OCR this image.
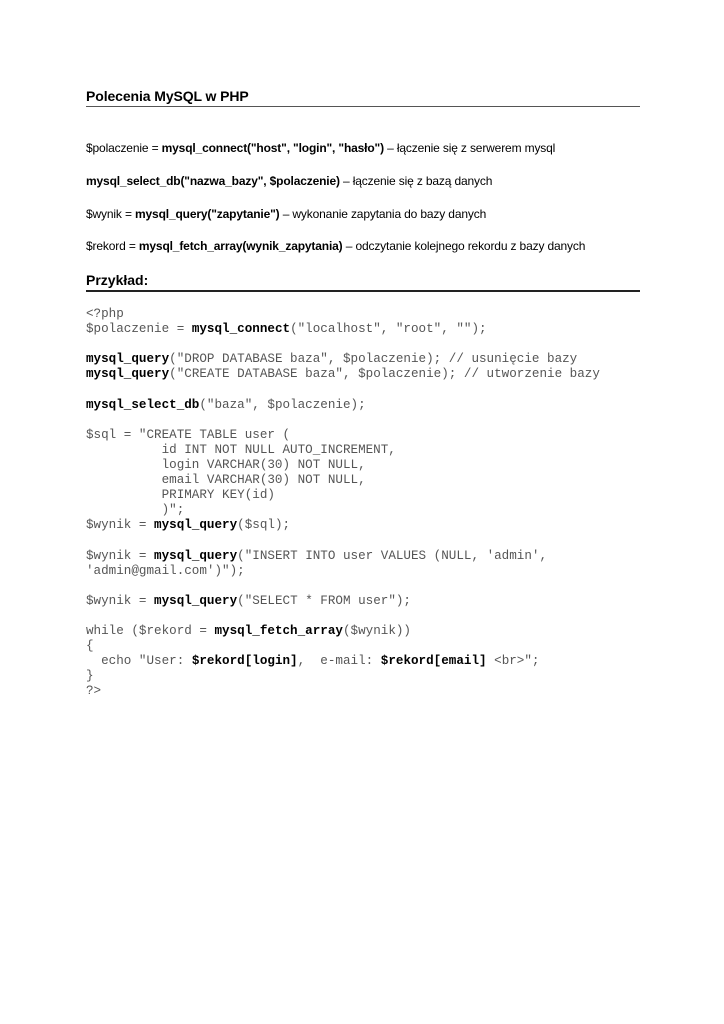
Polecenia MySQL w PHP
$polaczenie = mysql_connect("host", "login", "hasło") – łączenie się z serwerem mysql
mysql_select_db("nazwa_bazy", $polaczenie) – łączenie się z bazą danych
$wynik = mysql_query("zapytanie") – wykonanie zapytania do bazy danych
$rekord = mysql_fetch_array(wynik_zapytania) – odczytanie kolejnego rekordu z bazy danych
Przykład:
<?php
$polaczenie = mysql_connect("localhost", "root", "");

mysql_query("DROP DATABASE baza", $polaczenie); // usunięcie bazy
mysql_query("CREATE DATABASE baza", $polaczenie); // utworzenie bazy

mysql_select_db("baza", $polaczenie);

$sql = "CREATE TABLE user (
id INT NOT NULL AUTO_INCREMENT,
login VARCHAR(30) NOT NULL,
email VARCHAR(30) NOT NULL,
PRIMARY KEY(id)
)";
$wynik = mysql_query($sql);

$wynik = mysql_query("INSERT INTO user VALUES (NULL, 'admin',
'admin@gmail.com')");

$wynik = mysql_query("SELECT * FROM user");

while ($rekord = mysql_fetch_array($wynik))
{
echo "User: $rekord[login],  e-mail: $rekord[email] <br>";
}
?>
